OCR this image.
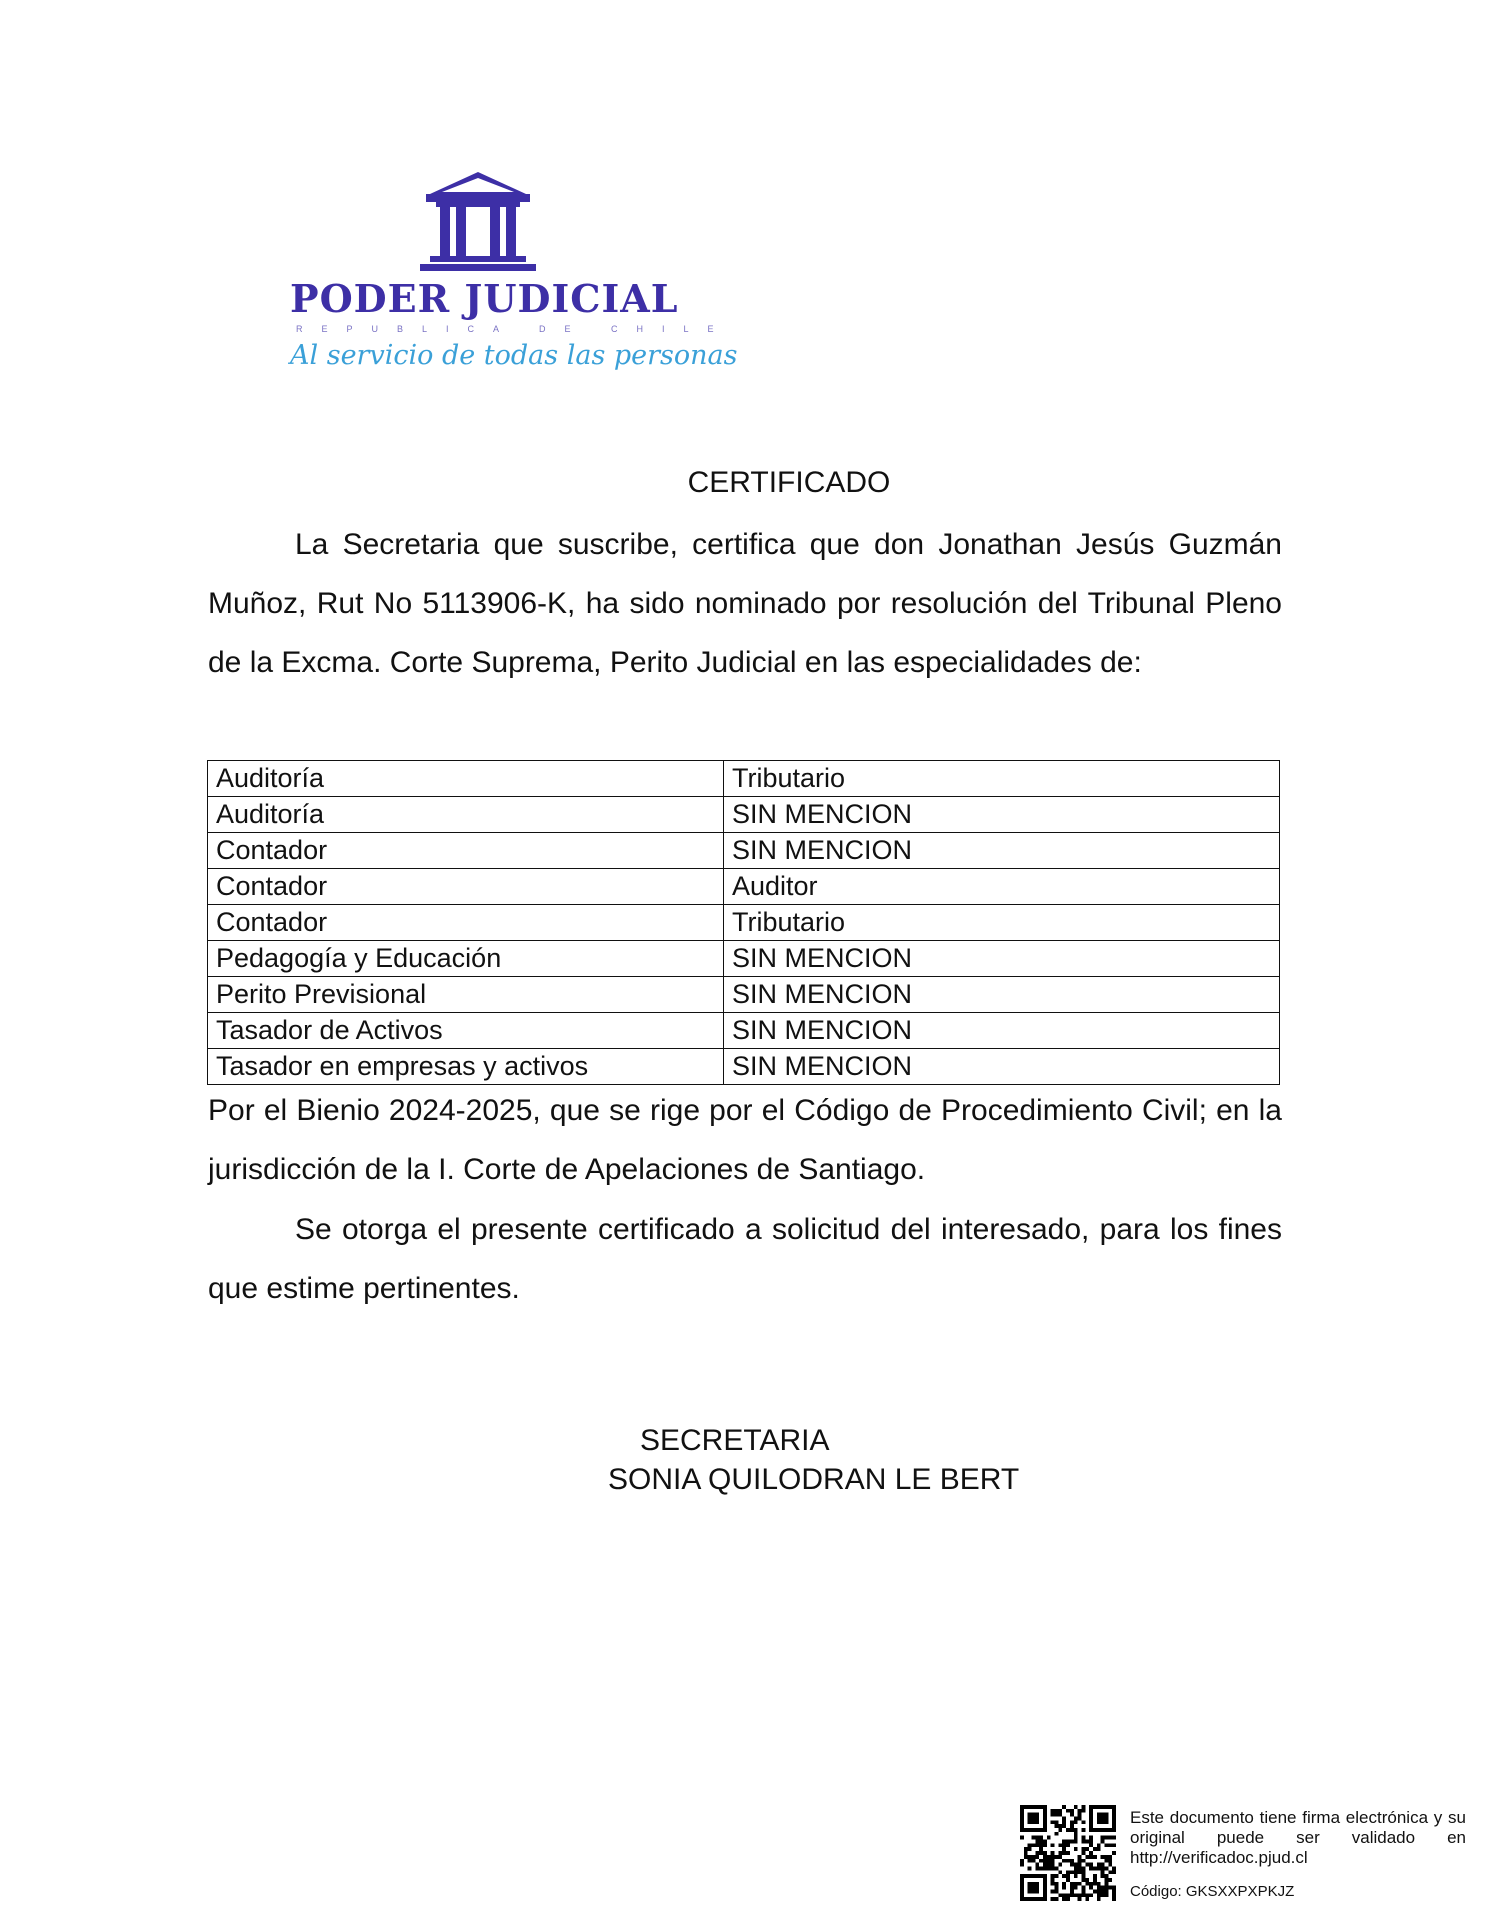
PODER JUDICIAL
REPUBLICA DE CHILE
Al servicio de todas las personas
CERTIFICADO

La Secretaria que suscribe, certifica que don Jonathan Jesús Guzmán Muñoz, Rut No 5113906-K, ha sido nominado por resolución del Tribunal Pleno de la Excma. Corte Suprema, Perito Judicial en las especialidades de:

Auditoría	Tributario
Auditoría	SIN MENCION
Contador	SIN MENCION
Contador	Auditor
Contador	Tributario
Pedagogía y Educación	SIN MENCION
Perito Previsional	SIN MENCION
Tasador de Activos	SIN MENCION
Tasador en empresas y activos	SIN MENCION

Por el Bienio 2024-2025, que se rige por el Código de Procedimiento Civil; en la jurisdicción de la I. Corte de Apelaciones de Santiago.

Se otorga el presente certificado a solicitud del interesado, para los fines que estime pertinentes.

SECRETARIA
SONIA QUILODRAN LE BERT

Este documento tiene firma electrónica y su original puede ser validado en http://verificadoc.pjud.cl

Código: GKSXXPXPKJZ
